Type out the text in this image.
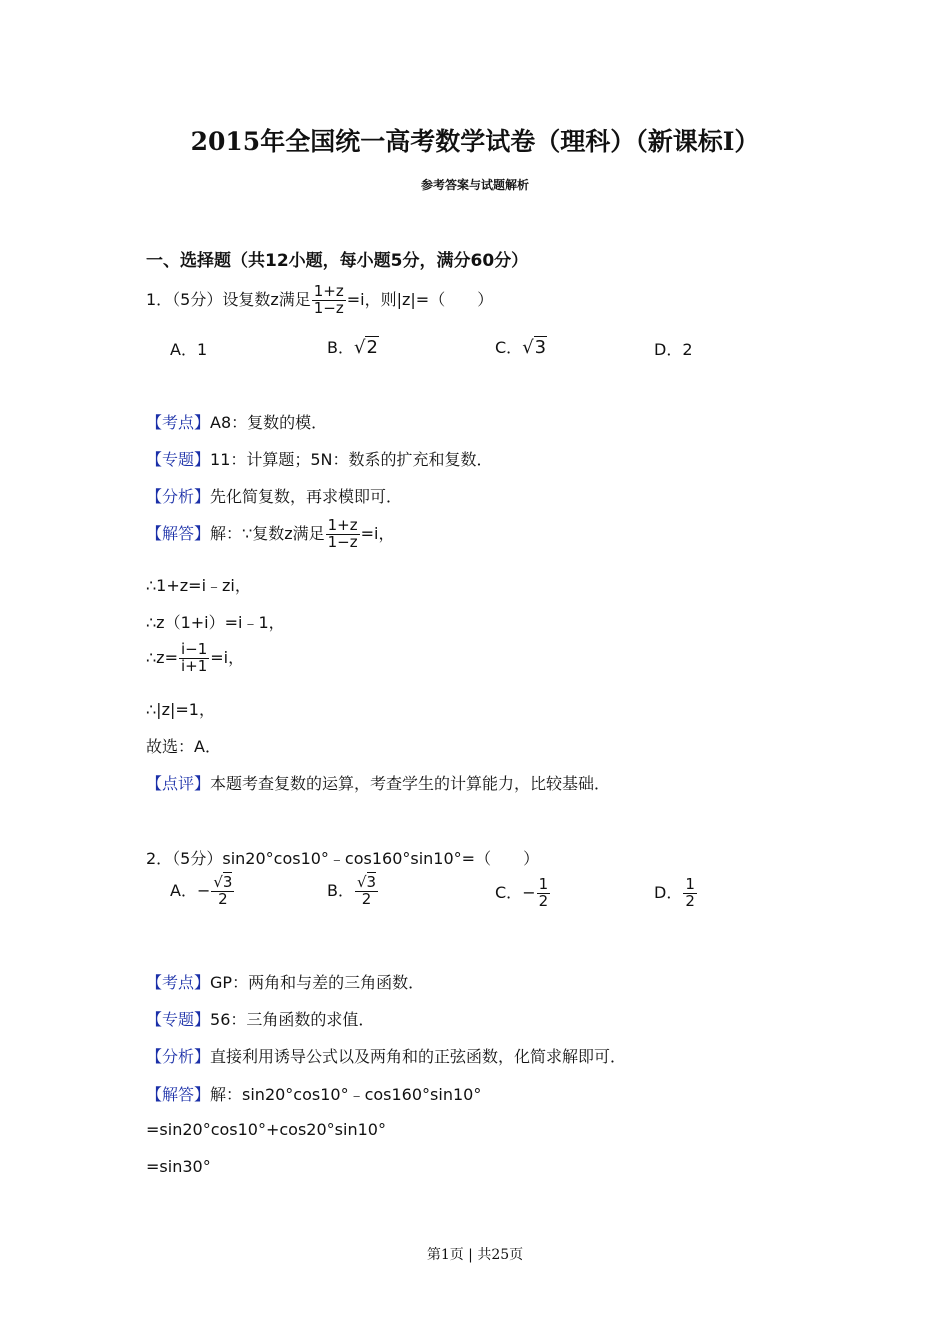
2015年全国统一高考数学试卷（理科）（新课标Ⅰ）
参考答案与试题解析
一、选择题（共12小题，每小题5分，满分60分）
1．（5分）设复数z满足 $\frac{1+z}{1-z} =i$，则|z|=（　　）
A．1	B．√2	C．√3	D．2
【考点】A8：复数的模．
【专题】11：计算题；5N：数系的扩充和复数．
【分析】先化简复数，再求模即可．
【解答】解：∵复数z满足 $\frac{1+z}{1-z} =i$，
∴1+z=i﹣zi，
∴z（1+i）=i﹣1，
∴z= $\frac{i-1}{i+1} =i$，
∴|z|=1，
故选：A．
【点评】本题考查复数的运算，考查学生的计算能力，比较基础．
2．（5分）sin20°cos10°﹣cos160°sin10°=（　　）
A．− $\frac{√3}{2}$	B． $\frac{√3}{2}$	C．− $\frac{1}{2}$	D． $\frac{1}{2}$
【考点】GP：两角和与差的三角函数．
【专题】56：三角函数的求值．
【分析】直接利用诱导公式以及两角和的正弦函数，化简求解即可．
【解答】解：sin20°cos10°﹣cos160°sin10°
=sin20°cos10°+cos20°sin10°
=sin30°
第1页 | 共25页
